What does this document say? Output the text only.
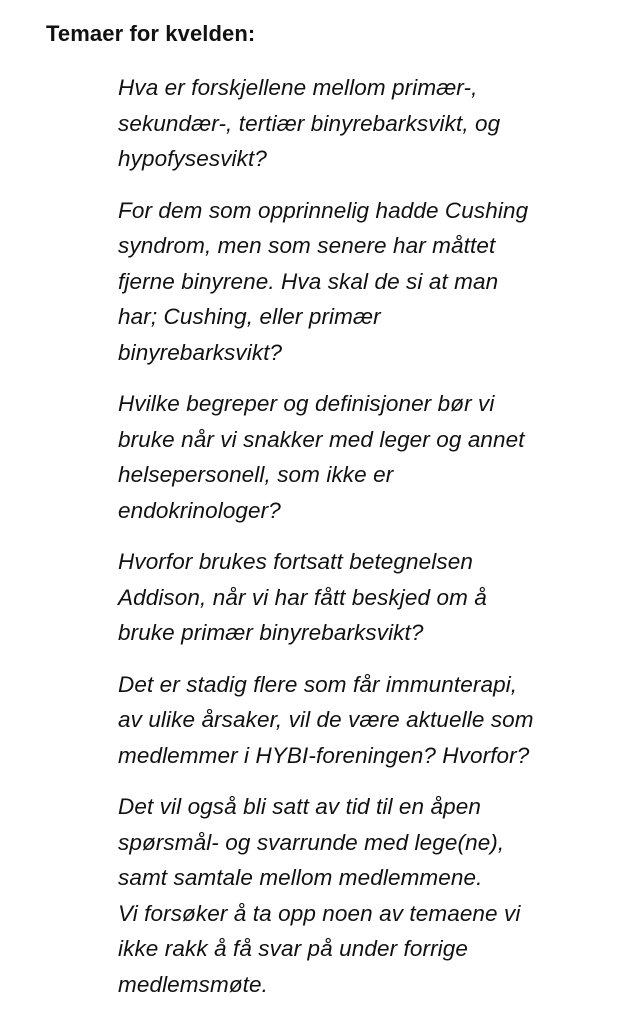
Temaer for kvelden:
Hva er forskjellene mellom primær-,
sekundær-, tertiær binyrebarksvikt, og
hypofysesvikt?
For dem som opprinnelig hadde Cushing
syndrom, men som senere har måttet
fjerne binyrene. Hva skal de si at man
har; Cushing, eller primær
binyrebarksvikt?
Hvilke begreper og definisjoner bør vi
bruke når vi snakker med leger og annet
helsepersonell, som ikke er
endokrinologer?
Hvorfor brukes fortsatt betegnelsen
Addison, når vi har fått beskjed om å
bruke primær binyrebarksvikt?
Det er stadig flere som får immunterapi,
av ulike årsaker, vil de være aktuelle som
medlemmer i HYBI-foreningen? Hvorfor?
Det vil også bli satt av tid til en åpen
spørsmål- og svarrunde med lege(ne),
samt samtale mellom medlemmene.
Vi forsøker å ta opp noen av temaene vi
ikke rakk å få svar på under forrige
medlemsmøte.
